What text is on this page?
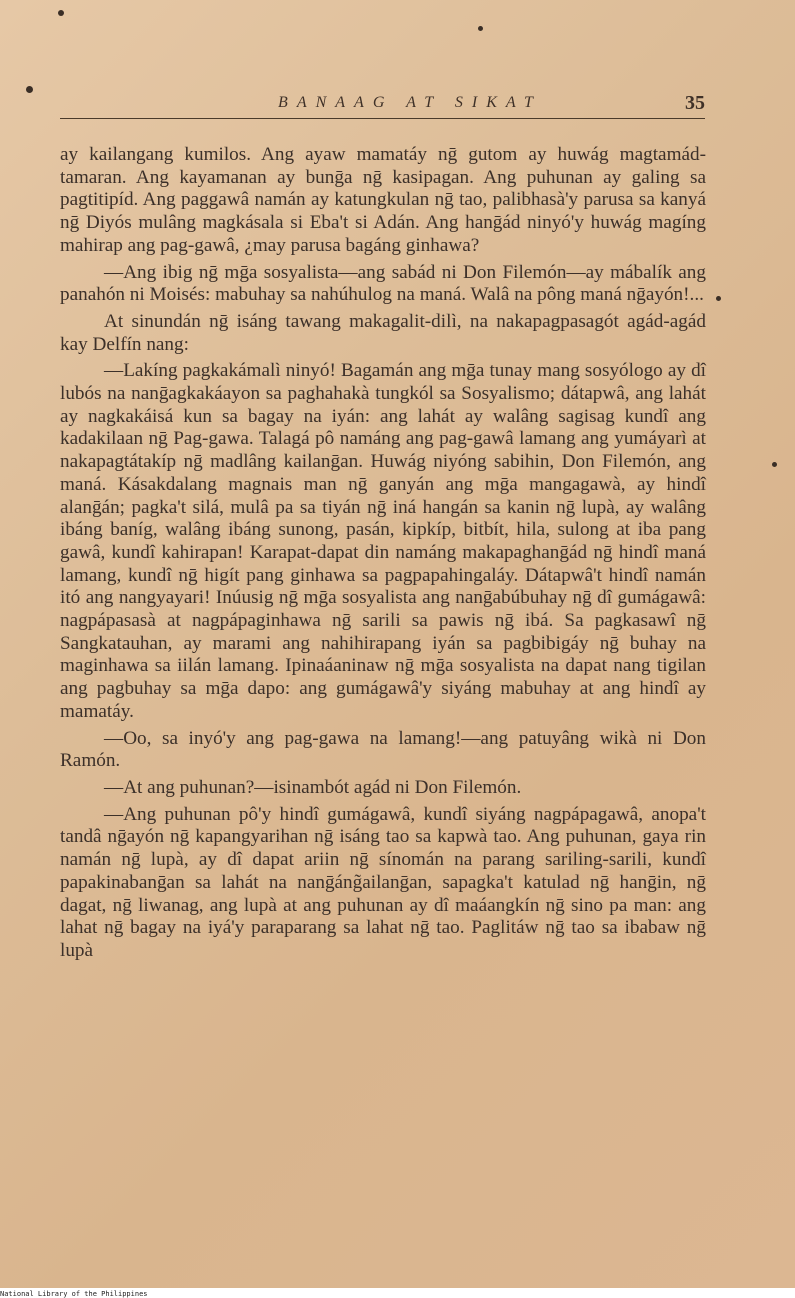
BANAAG AT SIKAT	35

ay kailangang kumilos. Ang ayaw mamatáy nḡ gutom ay huwág magtamád-tamaran. Ang kayamanan ay bunḡa nḡ kasipagan. Ang puhunan ay galing sa pagtitipíd. Ang paggawâ namán ay katungkulan nḡ tao, palibhasà'y parusa sa kanyá nḡ Diyós mulâng magkásala si Eba't si Adán. Ang hanḡád ninyó'y huwág magíng mahirap ang pag-gawâ, ¿may parusa bagáng ginhawa?

—Ang ibig nḡ mḡa sosyalista—ang sabád ni Don Filemón—ay mábalík ang panahón ni Moisés: mabuhay sa nahúhulog na maná. Walâ na pông maná nḡayón!...

At sinundán nḡ isáng tawang makagalit-dilì, na nakapagpasagót agád-agád kay Delfín nang:

—Lakíng pagkakámalì ninyó! Bagamán ang mḡa tunay mang sosyólogo ay dî lubós na nanḡagkakáayon sa paghahakà tungkól sa Sosyalismo; dátapwâ, ang lahát ay nagkakáisá kun sa bagay na iyán: ang lahát ay walâng sagisag kundî ang kadakilaan nḡ Pag-gawa. Talagá pô namáng ang pag-gawâ lamang ang yumáyarì at nakapagtátakíp nḡ madlâng kailanḡan. Huwág niyóng sabihin, Don Filemón, ang maná. Kásakdalang magnais man nḡ ganyán ang mḡa mangagawà, ay hindî alanḡán; pagka't silá, mulâ pa sa tiyán nḡ iná hangán sa kanin nḡ lupà, ay walâng ibáng baníg, walâng ibáng sunong, pasán, kipkíp, bitbít, hila, sulong at iba pang gawâ, kundî kahirapan! Karapat-dapat din namáng makapaghanḡád nḡ hindî maná lamang, kundî nḡ higít pang ginhawa sa pagpapahingaláy. Dátapwâ't hindî namán itó ang nangyayari! Inúusig nḡ mḡa sosyalista ang nanḡabúbuhay nḡ dî gumágawâ: nagpápasasà at nagpápaginhawa nḡ sarili sa pawis nḡ ibá. Sa pagkasawî nḡ Sangkatauhan, ay marami ang nahihirapang iyán sa pagbibigáy nḡ buhay na maginhawa sa iilán lamang. Ipinaáaninaw nḡ mḡa sosyalista na dapat nang tigilan ang pagbuhay sa mḡa dapo: ang gumágawâ'y siyáng mabuhay at ang hindî ay mamatáy.

—Oo, sa inyó'y ang pag-gawa na lamang!—ang patuyâng wikà ni Don Ramón.

—At ang puhunan?—isinambót agád ni Don Filemón.

—Ang puhunan pô'y hindî gumágawâ, kundî siyáng nagpápagawâ, anopa't tandâ nḡayón nḡ kapangyarihan nḡ isáng tao sa kapwà tao. Ang puhunan, gaya rin namán nḡ lupà, ay dî dapat ariin nḡ sínomán na parang sariling-sarili, kundî papakinabanḡan sa lahát na nanḡáng̃ailanḡan, sapagka't katulad nḡ hanḡin, nḡ dagat, nḡ liwanag, ang lupà at ang puhunan ay dî maáangkín nḡ sino pa man: ang lahat nḡ bagay na iyá'y paraparang sa lahat nḡ tao. Paglitáw nḡ tao sa ibabaw nḡ lupà

National Library of the Philippines
